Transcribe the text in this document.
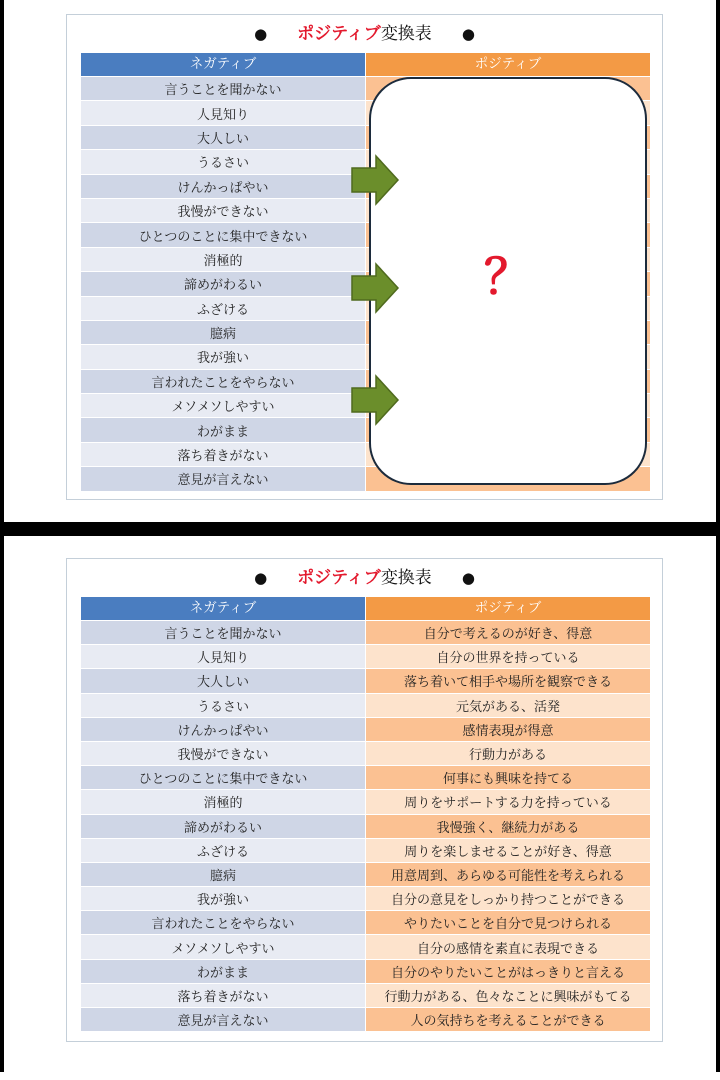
● ポジティブ変換表 ●
ネガティブ	ポジティブ
言うことを聞かない
人見知り
大人しい
うるさい
けんかっぱやい
我慢ができない
ひとつのことに集中できない
消極的
諦めがわるい
ふざける
臆病
我が強い
言われたことをやらない
メソメソしやすい
わがまま
落ち着きがない
意見が言えない
？
● ポジティブ変換表 ●
ネガティブ	ポジティブ
言うことを聞かない	自分で考えるのが好き、得意
人見知り	自分の世界を持っている
大人しい	落ち着いて相手や場所を観察できる
うるさい	元気がある、活発
けんかっぱやい	感情表現が得意
我慢ができない	行動力がある
ひとつのことに集中できない	何事にも興味を持てる
消極的	周りをサポートする力を持っている
諦めがわるい	我慢強く、継続力がある
ふざける	周りを楽しませることが好き、得意
臆病	用意周到、あらゆる可能性を考えられる
我が強い	自分の意見をしっかり持つことができる
言われたことをやらない	やりたいことを自分で見つけられる
メソメソしやすい	自分の感情を素直に表現できる
わがまま	自分のやりたいことがはっきりと言える
落ち着きがない	行動力がある、色々なことに興味がもてる
意見が言えない	人の気持ちを考えることができる
